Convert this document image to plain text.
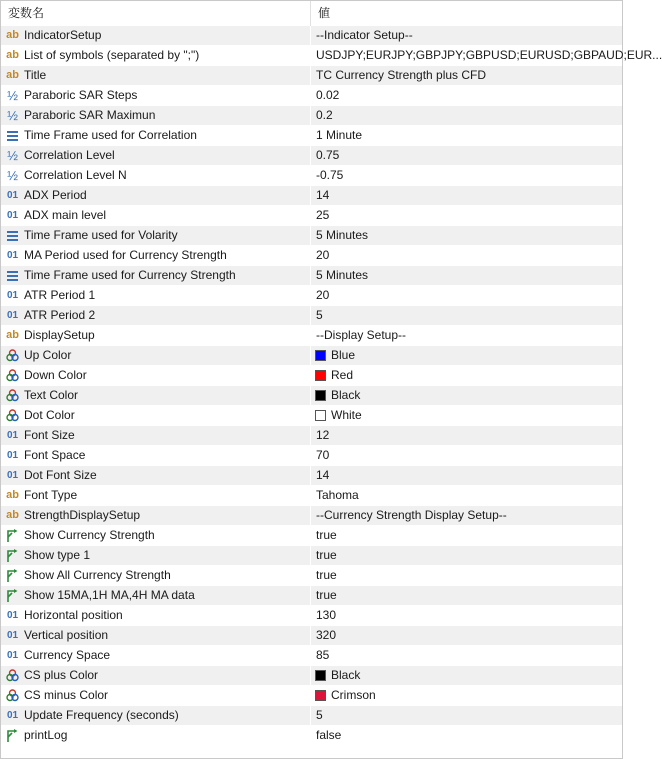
変数名	値
ab IndicatorSetup	--Indicator Setup--
ab List of symbols (separated by ";")	USDJPY;EURJPY;GBPJPY;GBPUSD;EURUSD;GBPAUD;EUR...
ab Title	TC Currency Strength plus CFD
½ Paraboric SAR Steps	0.02
½ Paraboric SAR Maximun	0.2
Time Frame used for Correlation	1 Minute
½ Correlation Level	0.75
½ Correlation Level N	-0.75
01 ADX Period	14
01 ADX main level	25
Time Frame used for Volarity	5 Minutes
01 MA Period used for Currency Strength	20
Time Frame used for Currency Strength	5 Minutes
01 ATR Period 1	20
01 ATR Period 2	5
ab DisplaySetup	--Display Setup--
Up Color	Blue
Down Color	Red
Text Color	Black
Dot Color	White
01 Font Size	12
01 Font Space	70
01 Dot Font Size	14
ab Font Type	Tahoma
ab StrengthDisplaySetup	--Currency Strength Display Setup--
Show Currency Strength	true
Show type 1	true
Show All Currency Strength	true
Show 15MA,1H MA,4H MA data	true
01 Horizontal position	130
01 Vertical position	320
01 Currency Space	85
CS plus Color	Black
CS minus Color	Crimson
01 Update Frequency (seconds)	5
printLog	false
